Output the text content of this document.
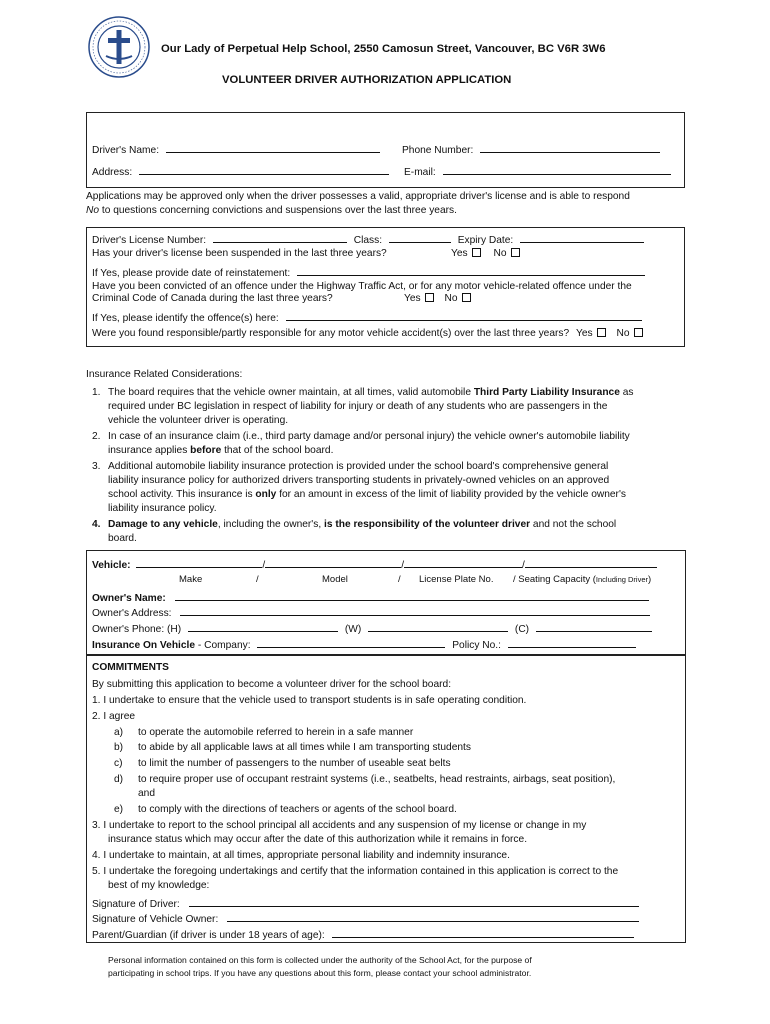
Our Lady of Perpetual Help School, 2550 Camosun Street, Vancouver, BC V6R 3W6
VOLUNTEER DRIVER AUTHORIZATION APPLICATION
Driver's Name:	Phone Number:
Address:	E-mail:
Applications may be approved only when the driver possesses a valid, appropriate driver's license and is able to respond
No to questions concerning convictions and suspensions over the last three years.
Driver's License Number:	Class:	Expiry Date:
Has your driver's license been suspended in the last three years?	Yes	No
If Yes, please provide date of reinstatement:
Have you been convicted of an offence under the Highway Traffic Act, or for any motor vehicle-related offence under the
Criminal Code of Canada during the last three years?	Yes No
If Yes, please identify the offence(s) here:
Were you found responsible/partly responsible for any motor vehicle accident(s) over the last three years? Yes No
Insurance Related Considerations:
1. The board requires that the vehicle owner maintain, at all times, valid automobile Third Party Liability Insurance as
required under BC legislation in respect of liability for injury or death of any students who are passengers in the
vehicle the volunteer driver is operating.
2. In case of an insurance claim (i.e., third party damage and/or personal injury) the vehicle owner's automobile liability
insurance applies before that of the school board.
3. Additional automobile liability insurance protection is provided under the school board's comprehensive general
liability insurance policy for authorized drivers transporting students in privately-owned vehicles on an approved
school activity. This insurance is only for an amount in excess of the limit of liability provided by the vehicle owner's
liability insurance policy.
4. Damage to any vehicle, including the owner's, is the responsibility of the volunteer driver and not the school
board.
Vehicle:	/	/	/
Make	/	Model	/ License Plate No. / Seating Capacity (Including Driver)
Owner's Name:
Owner's Address:
Owner's Phone: (H)	(W)	(C)
Insurance On Vehicle - Company:	Policy No.:
COMMITMENTS
By submitting this application to become a volunteer driver for the school board:
1. I undertake to ensure that the vehicle used to transport students is in safe operating condition.
2. I agree
a) to operate the automobile referred to herein in a safe manner
b) to abide by all applicable laws at all times while I am transporting students
c) to limit the number of passengers to the number of useable seat belts
d) to require proper use of occupant restraint systems (i.e., seatbelts, head restraints, airbags, seat position),
and
e) to comply with the directions of teachers or agents of the school board.
3. I undertake to report to the school principal all accidents and any suspension of my license or change in my
insurance status which may occur after the date of this authorization while it remains in force.
4. I undertake to maintain, at all times, appropriate personal liability and indemnity insurance.
5. I undertake the foregoing undertakings and certify that the information contained in this application is correct to the
best of my knowledge:
Signature of Driver:
Signature of Vehicle Owner:
Parent/Guardian (if driver is under 18 years of age):
Personal information contained on this form is collected under the authority of the School Act, for the purpose of
participating in school trips. If you have any questions about this form, please contact your school administrator.
